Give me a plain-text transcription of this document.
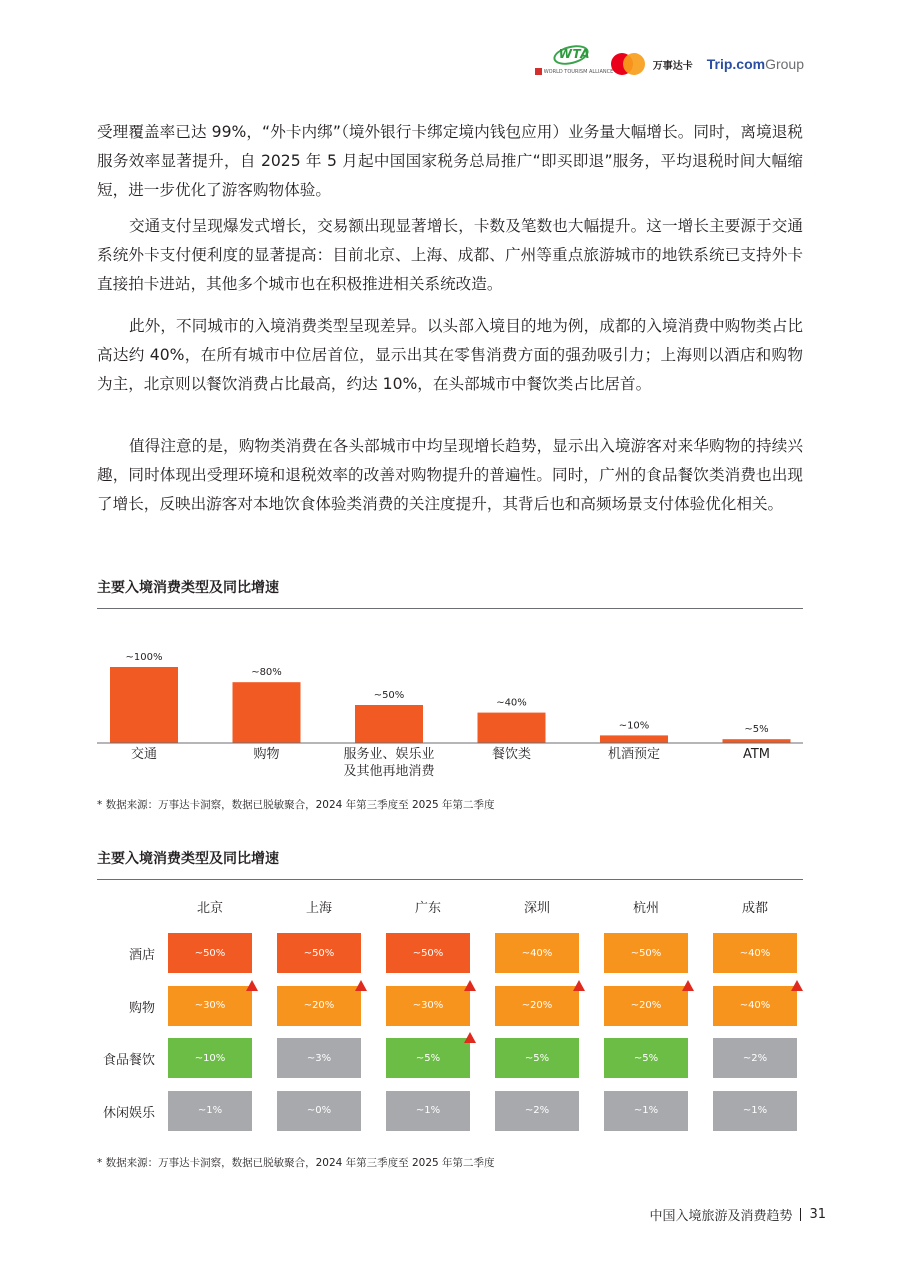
WTA
WORLD TOURISM ALLIANCE
万事达卡 Trip.comGroup

受理覆盖率已达 99%，“外卡内绑”（境外银行卡绑定境内钱包应用）业务量大幅增长。同时，离境退税服务效率显著提升，自 2025 年 5 月起中国国家税务总局推广“即买即退”服务，平均退税时间大幅缩短，进一步优化了游客购物体验。

交通支付呈现爆发式增长，交易额出现显著增长，卡数及笔数也大幅提升。这一增长主要源于交通系统外卡支付便利度的显著提高：目前北京、上海、成都、广州等重点旅游城市的地铁系统已支持外卡直接拍卡进站，其他多个城市也在积极推进相关系统改造。

此外，不同城市的入境消费类型呈现差异。以头部入境目的地为例，成都的入境消费中购物类占比高达约 40%，在所有城市中位居首位，显示出其在零售消费方面的强劲吸引力；上海则以酒店和购物为主，北京则以餐饮消费占比最高，约达 10%，在头部城市中餐饮类占比居首。

值得注意的是，购物类消费在各头部城市中均呈现增长趋势，显示出入境游客对来华购物的持续兴趣，同时体现出受理环境和退税效率的改善对购物提升的普遍性。同时，广州的食品餐饮类消费也出现了增长，反映出游客对本地饮食体验类消费的关注度提升，其背后也和高频场景支付体验优化相关。

主要入境消费类型及同比增速
~100%
~80%
~50%
~40%
~10%	~5%
交通	购物	服务业、娱乐业
及其他再地消费
餐饮类	机酒预定	ATM
* 数据来源：万事达卡洞察，数据已脱敏聚合，2024 年第三季度至 2025 年第二季度
主要入境消费类型及同比增速
北京	上海	广东	深圳	杭州	成都
酒店	~50%	~50%	~50%	~40%	~50%	~40%
购物	~30%	~20%	~30%	~20%	~20%	~40%
食品餐饮	~10%	~3%	~5%	~5%	~5%	~2%
休闲娱乐	~1%	~0%	~1%	~2%	~1%	~1%
* 数据来源：万事达卡洞察，数据已脱敏聚合，2024 年第三季度至 2025 年第二季度
中国入境旅游及消费趋势 31
